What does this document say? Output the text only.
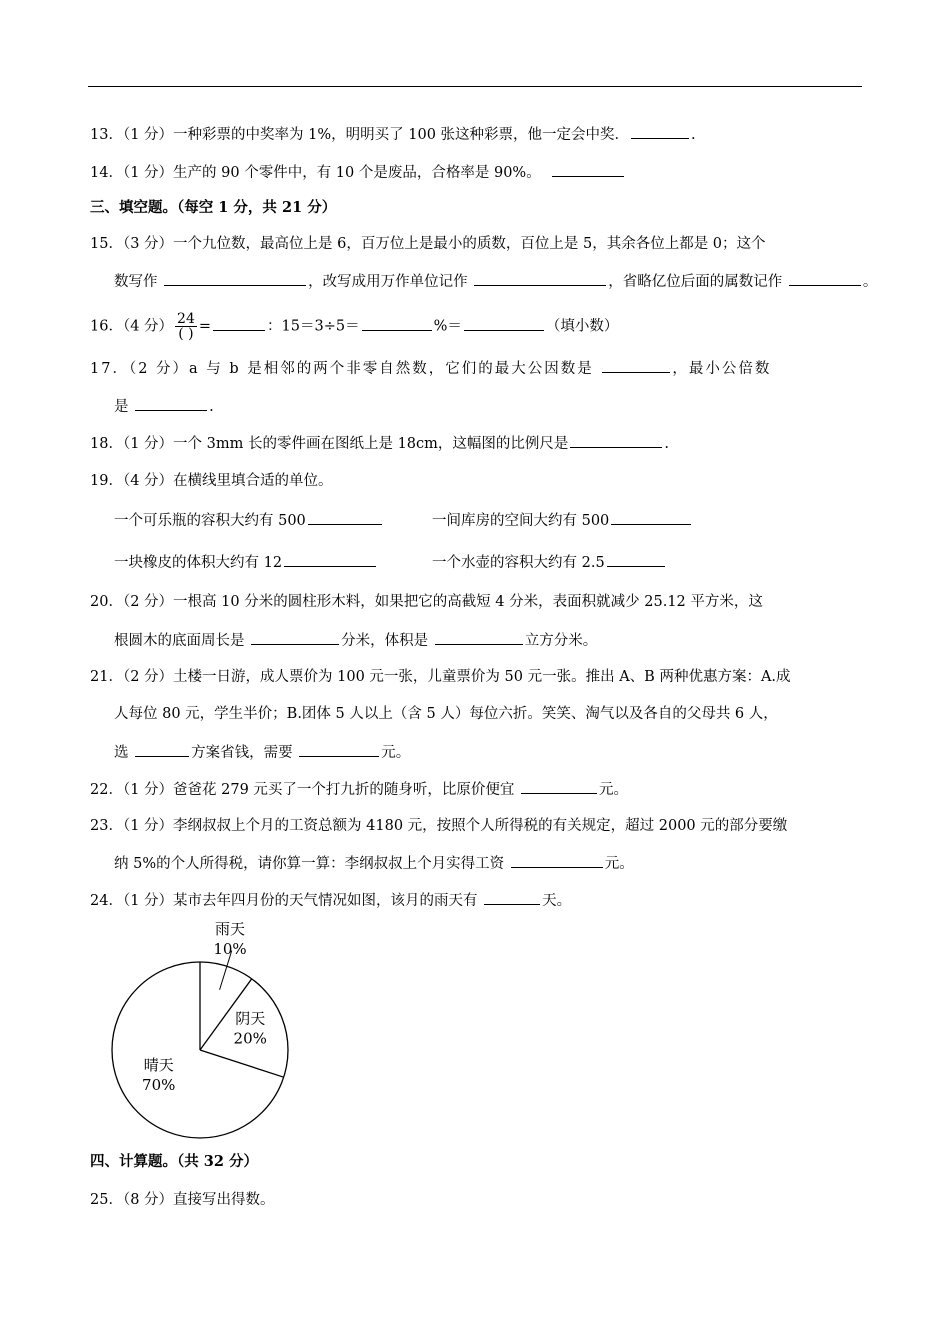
13．（1 分）一种彩票的中奖率为 1%，明明买了 100 张这种彩票，他一定会中奖．	.
14．（1 分）生产的 90 个零件中，有 10 个是废品，合格率是 90%。
三、填空题。（每空 1 分，共 21 分）
15．（3 分）一个九位数，最高位上是 6，百万位上是最小的质数，百位上是 5，其余各位上都是 0；这个
数写作	，改写成用万作单位记作	，省略亿位后面的属数记作	。
16．（4 分） $\frac{24}{( )}$ =	：15＝3÷5＝	%＝	（填小数）
17．（2 分）a 与 b 是相邻的两个非零自然数，它们的最大公因数是	，最小公倍数
是	.
18．（1 分）一个 3mm 长的零件画在图纸上是 18cm，这幅图的比例尺是	.
19．（4 分）在横线里填合适的单位。
一个可乐瓶的容积大约有 500	一间库房的空间大约有 500
一块橡皮的体积大约有 12	一个水壶的容积大约有 2.5
20．（2 分）一根高 10 分米的圆柱形木料，如果把它的高截短 4 分米，表面积就减少 25.12 平方米，这
根圆木的底面周长是	分米，体积是	立方分米。
21．（2 分）土楼一日游，成人票价为 100 元一张，儿童票价为 50 元一张。推出 A、B 两种优惠方案：A.成
人每位 80 元，学生半价；B.团体 5 人以上（含 5 人）每位六折。笑笑、淘气以及各自的父母共 6 人，
选	方案省钱，需要	元。
22．（1 分）爸爸花 279 元买了一个打九折的随身听，比原价便宜	元。
23．（1 分）李纲叔叔上个月的工资总额为 4180 元，按照个人所得税的有关规定，超过 2000 元的部分要缴
纳 5%的个人所得税，请你算一算：李纲叔叔上个月实得工资	元。
24．（1 分）某市去年四月份的天气情况如图，该月的雨天有	天。
雨天
10%
阴天
20%
晴天
70%
四、计算题。（共 32 分）
25．（8 分）直接写出得数。
